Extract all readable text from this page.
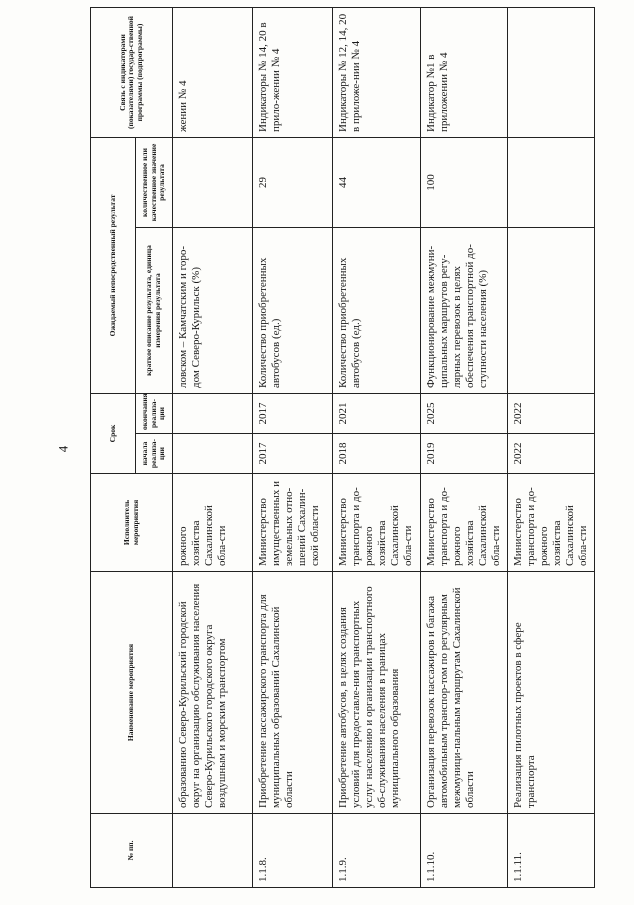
4
№ пп.	Наименование мероприятия	Исполнитель мероприятия	Срок		Ожидаемый непосредственный результат		Связь с индикаторами (показателями) государ-ственной программы (подпрограммы)
			начала реализа-ции	окончания реализа-ции	краткое описание результата, единица измерения результата	количественное или качественное значение результата	
	образованию Северо-Курильский городской округ на организацию обслуживания населения Северо-Курильского городского округа воздушным и морским транспортом	рожного хозяйства Сахалинской обла-сти			ловском – Камчатским и горо-дом Северо-Курильск (%)		жении № 4
1.1.8.	Приобретение пассажирского транспорта для муниципальных образований Сахалинской области	Министерство имущественных и земельных отно-шений Сахалин-ской области	2017	2017	Количество приобретенных автобусов (ед.)	29	Индикаторы № 14, 20 в прило-жении № 4
1.1.9.	Приобретение автобусов, в целях создания условий для предоставле-ния транспортных услуг населению и организации транспортного об-служивания населения в границах муниципального образования	Министерство транспорта и до-рожного хозяйства Сахалинской обла-сти	2018	2021	Количество приобретенных автобусов (ед.)	44	Индикаторы № 12, 14, 20 в приложе-нии № 4
1.1.10.	Организация перевозок пассажиров и багажа автомобильным транспор-том по регулярным межмуници-пальным маршрутам Сахалинской области	Министерство транспорта и до-рожного хозяйства Сахалинской обла-сти	2019	2025	Функционирование межмуни-ципальных маршрутов регу-лярных перевозок в целях обеспечения транспортной до-ступности населения (%)	100	Индикатор №1 в приложении № 4
1.1.11.	Реализация пилотных проектов в сфере транспорта	Министерство транспорта и до-рожного хозяйства Сахалинской обла-сти	2022	2022			
